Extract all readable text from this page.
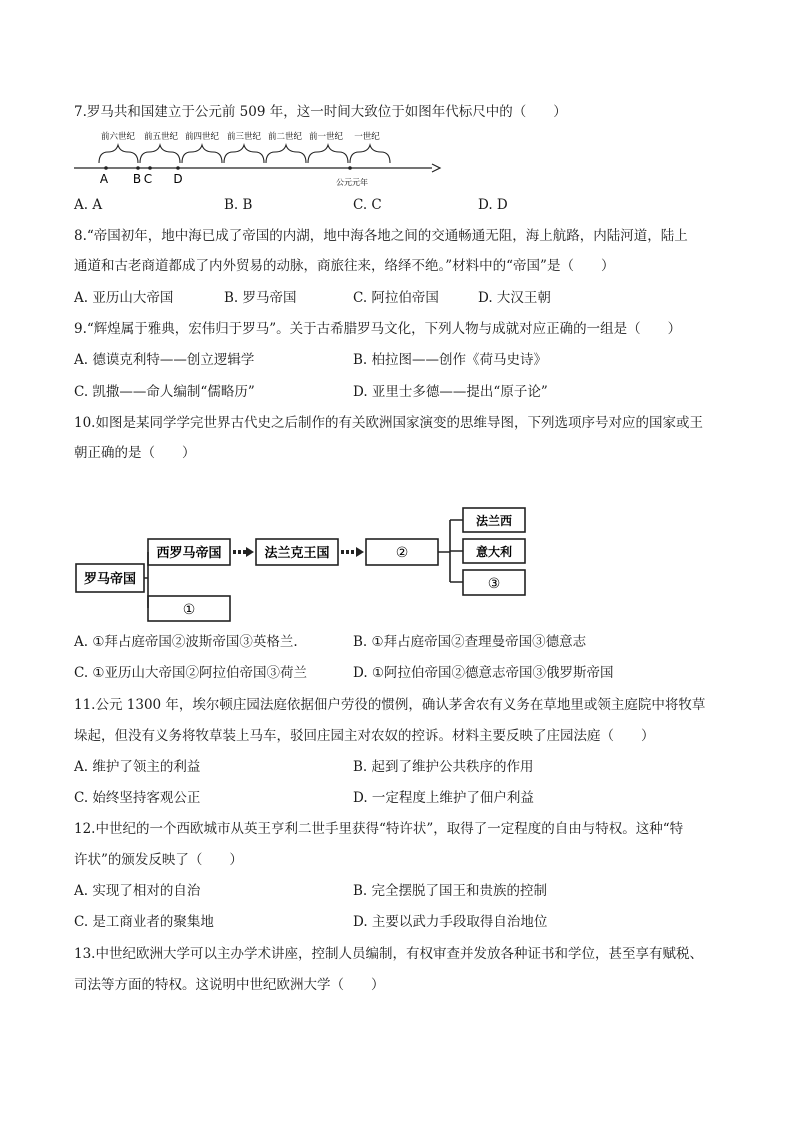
7.罗马共和国建立于公元前 509 年，这一时间大致位于如图年代标尺中的（　　）
前六世纪 前五世纪 前四世纪 前三世纪 前二世纪 前一世纪 一世纪
A B C D	公元元年
A. A	B. B	C. C	D. D
8.“帝国初年，地中海已成了帝国的内湖，地中海各地之间的交通畅通无阻，海上航路，内陆河道，陆上
通道和古老商道都成了内外贸易的动脉，商旅往来，络绎不绝。”材料中的“帝国”是（　　）
A. 亚历山大帝国	B. 罗马帝国	C. 阿拉伯帝国	D. 大汉王朝
9.“辉煌属于雅典，宏伟归于罗马”。关于古希腊罗马文化，下列人物与成就对应正确的一组是（　　）
A. 德谟克利特——创立逻辑学	B. 柏拉图——创作《荷马史诗》
C. 凯撒——命人编制“儒略历”	D. 亚里士多德——提出“原子论”
10.如图是某同学学完世界古代史之后制作的有关欧洲国家演变的思维导图，下列选项序号对应的国家或王
朝正确的是（　　）
罗马帝国
西罗马帝国
①
法兰克王国	②
法兰西
意大利
③
A. ①拜占庭帝国②波斯帝国③英格兰.	B. ①拜占庭帝国②查理曼帝国③德意志
C. ①亚历山大帝国②阿拉伯帝国③荷兰	D. ①阿拉伯帝国②德意志帝国③俄罗斯帝国
11.公元 1300 年，埃尔顿庄园法庭依据佃户劳役的惯例，确认茅舍农有义务在草地里或领主庭院中将牧草
垛起，但没有义务将牧草装上马车，驳回庄园主对农奴的控诉。材料主要反映了庄园法庭（　　）
A. 维护了领主的利益	B. 起到了维护公共秩序的作用
C. 始终坚持客观公正	D. 一定程度上维护了佃户利益
12.中世纪的一个西欧城市从英王亨利二世手里获得“特许状”，取得了一定程度的自由与特权。这种“特
许状”的颁发反映了（　　）
A. 实现了相对的自治	B. 完全摆脱了国王和贵族的控制
C. 是工商业者的聚集地	D. 主要以武力手段取得自治地位
13.中世纪欧洲大学可以主办学术讲座，控制人员编制，有权审查并发放各种证书和学位，甚至享有赋税、
司法等方面的特权。这说明中世纪欧洲大学（　　）
